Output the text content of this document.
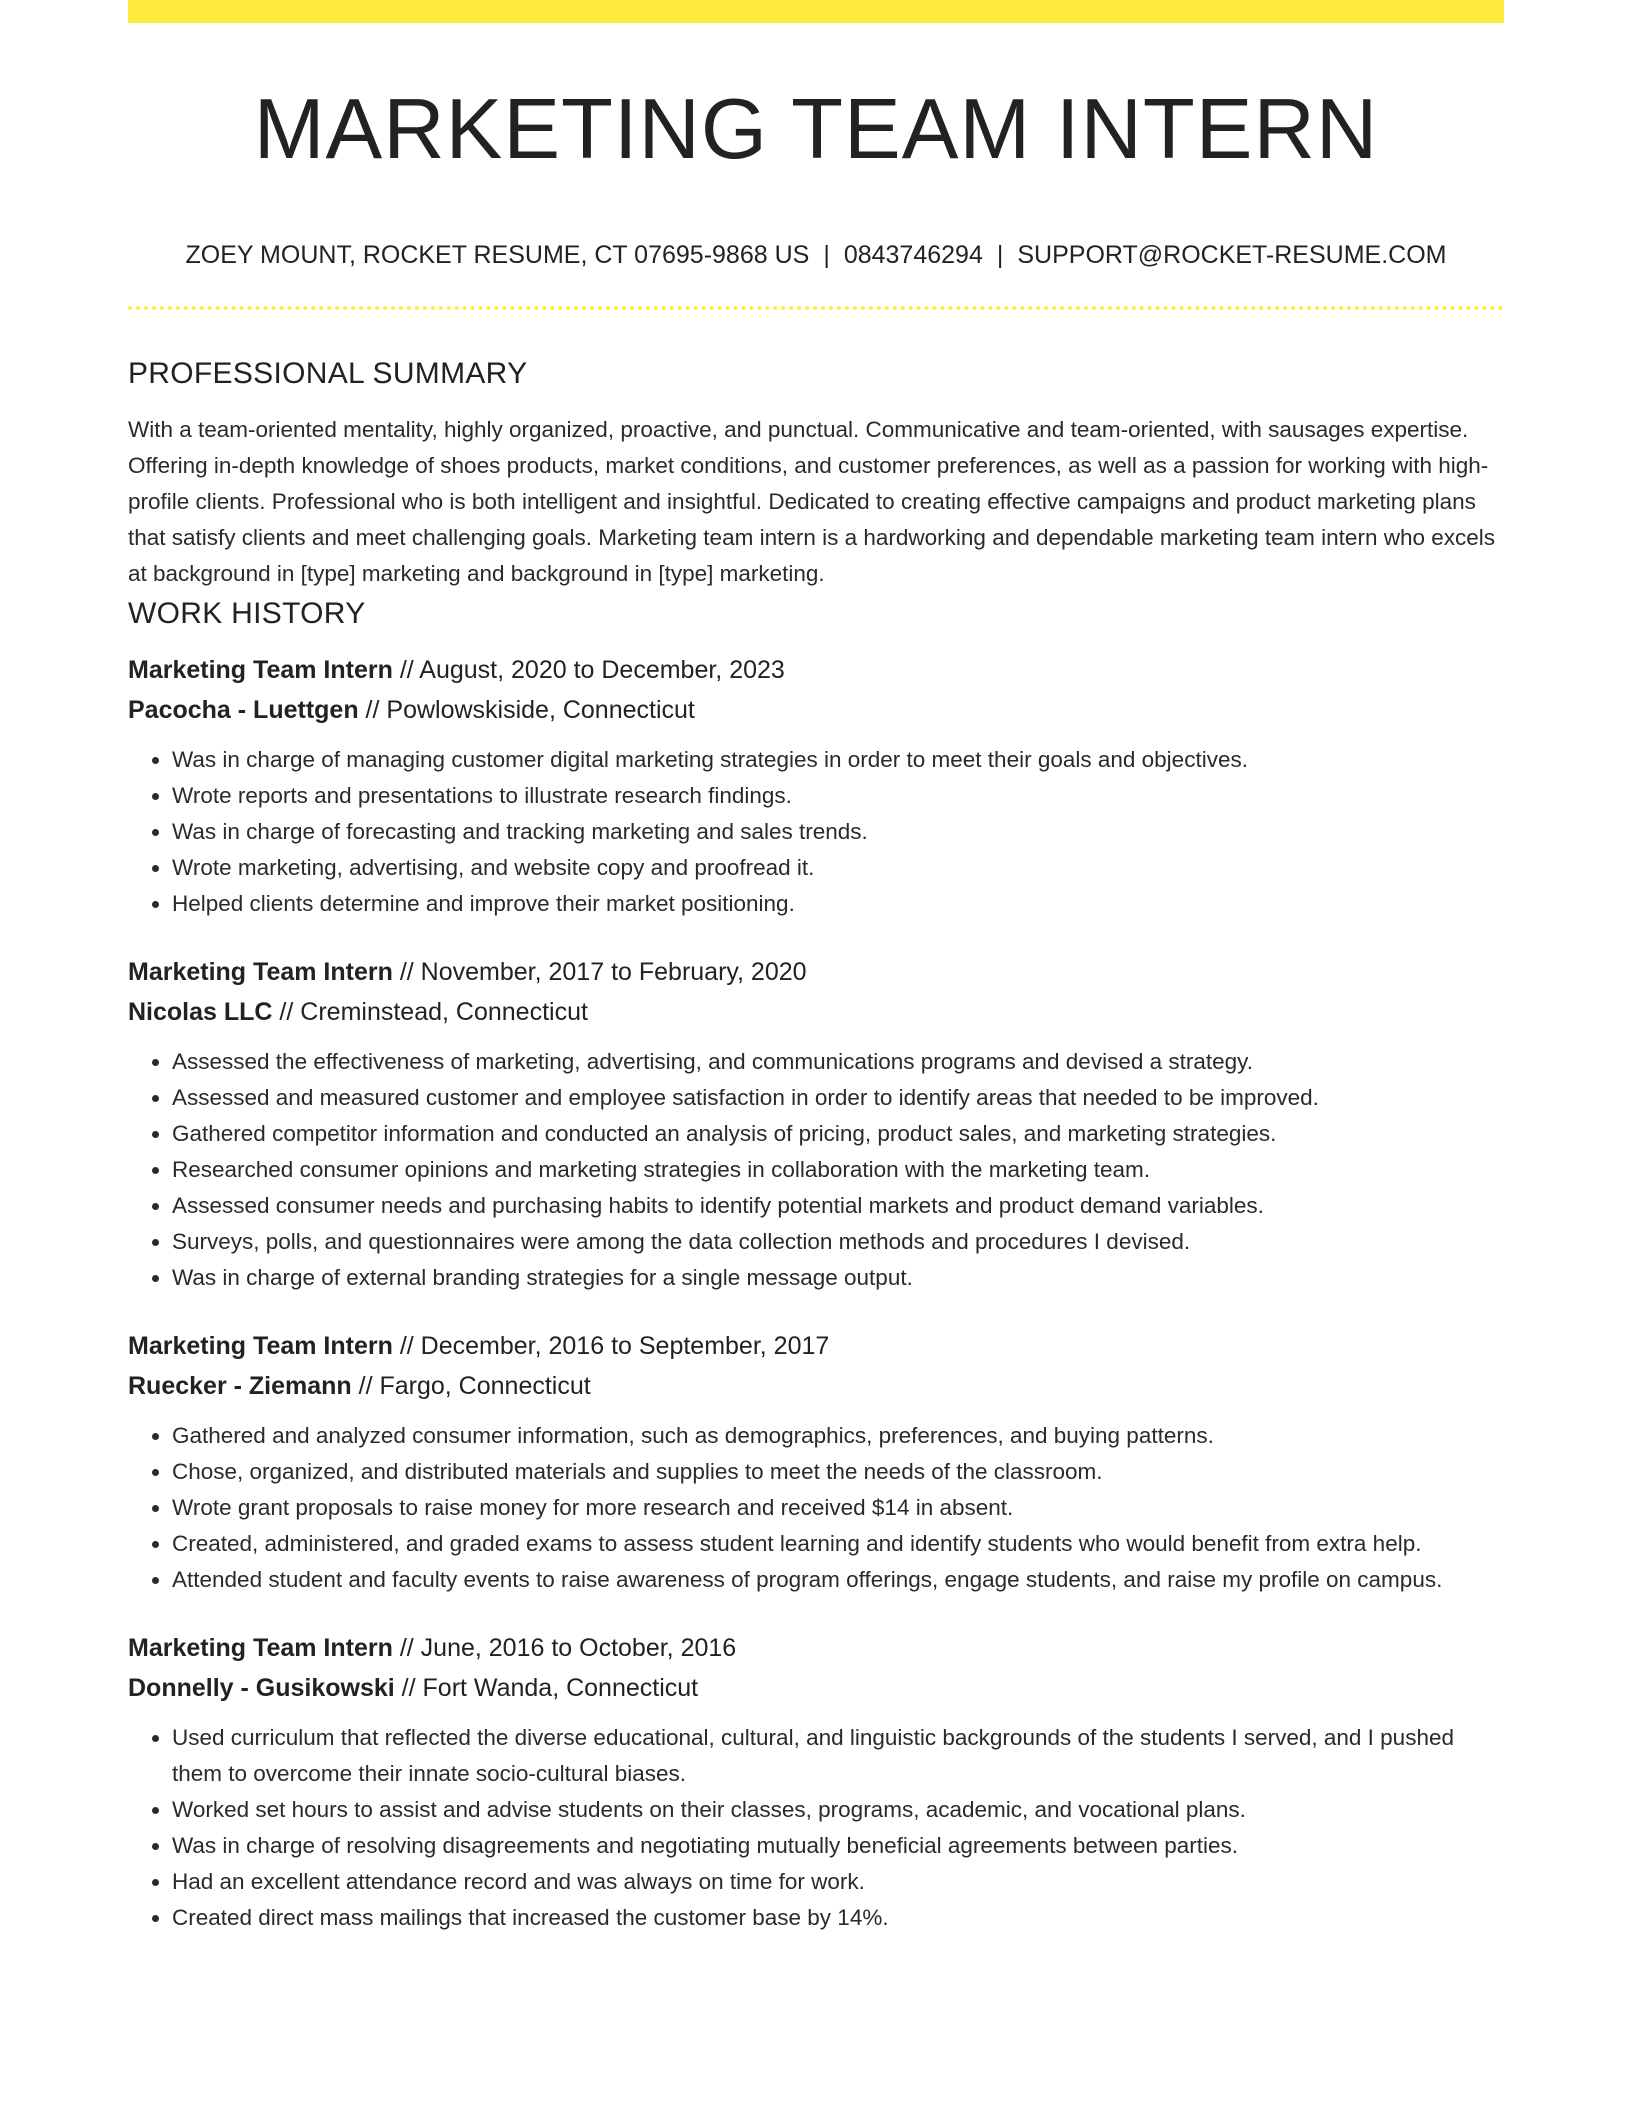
MARKETING TEAM INTERN
ZOEY MOUNT, ROCKET RESUME, CT 07695-9868 US | 0843746294 | SUPPORT@ROCKET-RESUME.COM
PROFESSIONAL SUMMARY

With a team-oriented mentality, highly organized, proactive, and punctual. Communicative and team-oriented, with sausages expertise. Offering in-depth knowledge of shoes products, market conditions, and customer preferences, as well as a passion for working with high-profile clients. Professional who is both intelligent and insightful. Dedicated to creating effective campaigns and product marketing plans that satisfy clients and meet challenging goals. Marketing team intern is a hardworking and dependable marketing team intern who excels at background in [type] marketing and background in [type] marketing.

WORK HISTORY
Marketing Team Intern // August, 2020 to December, 2023
Pacocha - Luettgen // Powlowskiside, Connecticut
• Was in charge of managing customer digital marketing strategies in order to meet their goals and objectives.
• Wrote reports and presentations to illustrate research findings.
• Was in charge of forecasting and tracking marketing and sales trends.
• Wrote marketing, advertising, and website copy and proofread it.
• Helped clients determine and improve their market positioning.
Marketing Team Intern // November, 2017 to February, 2020
Nicolas LLC // Creminstead, Connecticut
• Assessed the effectiveness of marketing, advertising, and communications programs and devised a strategy.
• Assessed and measured customer and employee satisfaction in order to identify areas that needed to be improved.
• Gathered competitor information and conducted an analysis of pricing, product sales, and marketing strategies.
• Researched consumer opinions and marketing strategies in collaboration with the marketing team.
• Assessed consumer needs and purchasing habits to identify potential markets and product demand variables.
• Surveys, polls, and questionnaires were among the data collection methods and procedures I devised.
• Was in charge of external branding strategies for a single message output.
Marketing Team Intern // December, 2016 to September, 2017
Ruecker - Ziemann // Fargo, Connecticut
• Gathered and analyzed consumer information, such as demographics, preferences, and buying patterns.
• Chose, organized, and distributed materials and supplies to meet the needs of the classroom.
• Wrote grant proposals to raise money for more research and received $14 in absent.
• Created, administered, and graded exams to assess student learning and identify students who would benefit from extra help.
• Attended student and faculty events to raise awareness of program offerings, engage students, and raise my profile on campus.
Marketing Team Intern // June, 2016 to October, 2016
Donnelly - Gusikowski // Fort Wanda, Connecticut
• Used curriculum that reflected the diverse educational, cultural, and linguistic backgrounds of the students I served, and I pushed them to overcome their innate socio-cultural biases.
• Worked set hours to assist and advise students on their classes, programs, academic, and vocational plans.
• Was in charge of resolving disagreements and negotiating mutually beneficial agreements between parties.
• Had an excellent attendance record and was always on time for work.
• Created direct mass mailings that increased the customer base by 14%.
